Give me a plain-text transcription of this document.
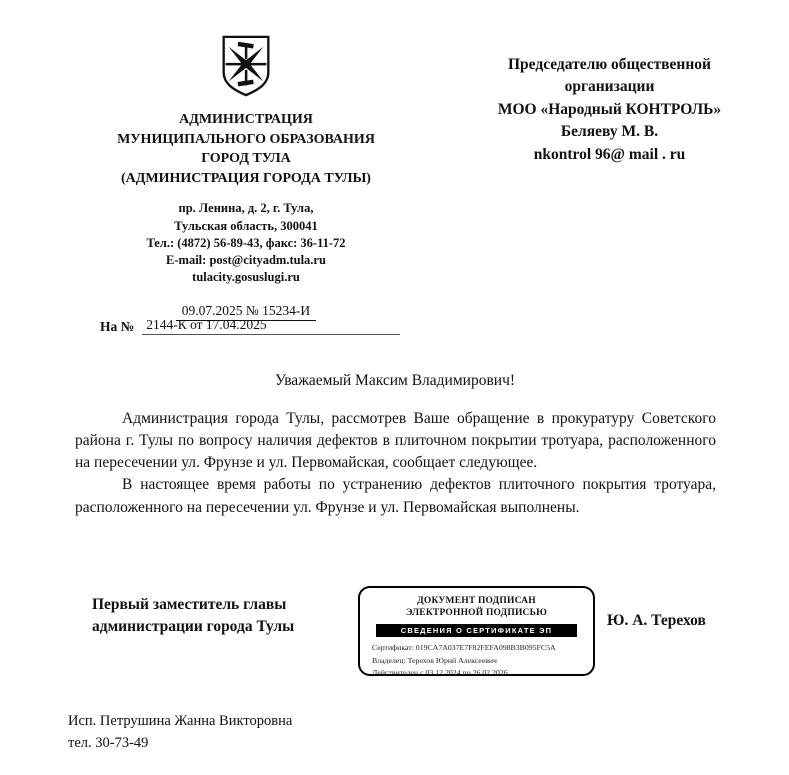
АДМИНИСТРАЦИЯ
МУНИЦИПАЛЬНОГО ОБРАЗОВАНИЯ
ГОРОД ТУЛА
(АДМИНИСТРАЦИЯ ГОРОДА ТУЛЫ)
пр. Ленина, д. 2, г. Тула,
Тульская область, 300041
Тел.: (4872) 56-89-43, факс: 36-11-72
E-mail: post@cityadm.tula.ru
tulacity.gosuslugi.ru
09.07.2025 № 15234-И
На № 2144-К от 17.04.2025
Председателю общественной
организации
МОО «Народный КОНТРОЛЬ»
Беляеву М. В.
nkontrol 96@ mail . ru
Уважаемый Максим Владимирович!

Администрация города Тулы, рассмотрев Ваше обращение в прокуратуру Советского района г. Тулы по вопросу наличия дефектов в плиточном покрытии тротуара, расположенного на пересечении ул. Фрунзе и ул. Первомайская, сообщает следующее.

В настоящее время работы по устранению дефектов плиточного покрытия тротуара, расположенного на пересечении ул. Фрунзе и ул. Первомайская выполнены.

Первый заместитель главы
администрации города Тулы
ДОКУМЕНТ ПОДПИСАН
ЭЛЕКТРОННОЙ ПОДПИСЬЮ
СВЕДЕНИЯ О СЕРТИФИКАТЕ ЭП
Сертификат: 019CA7A037E7F82FEFA098B3B095FC5A
Владелец: Терехов Юрий Алексеевич
Действителен с 03.12.2024 по 26.02.2026
Ю. А. Терехов
Исп. Петрушина Жанна Викторовна
тел. 30-73-49
